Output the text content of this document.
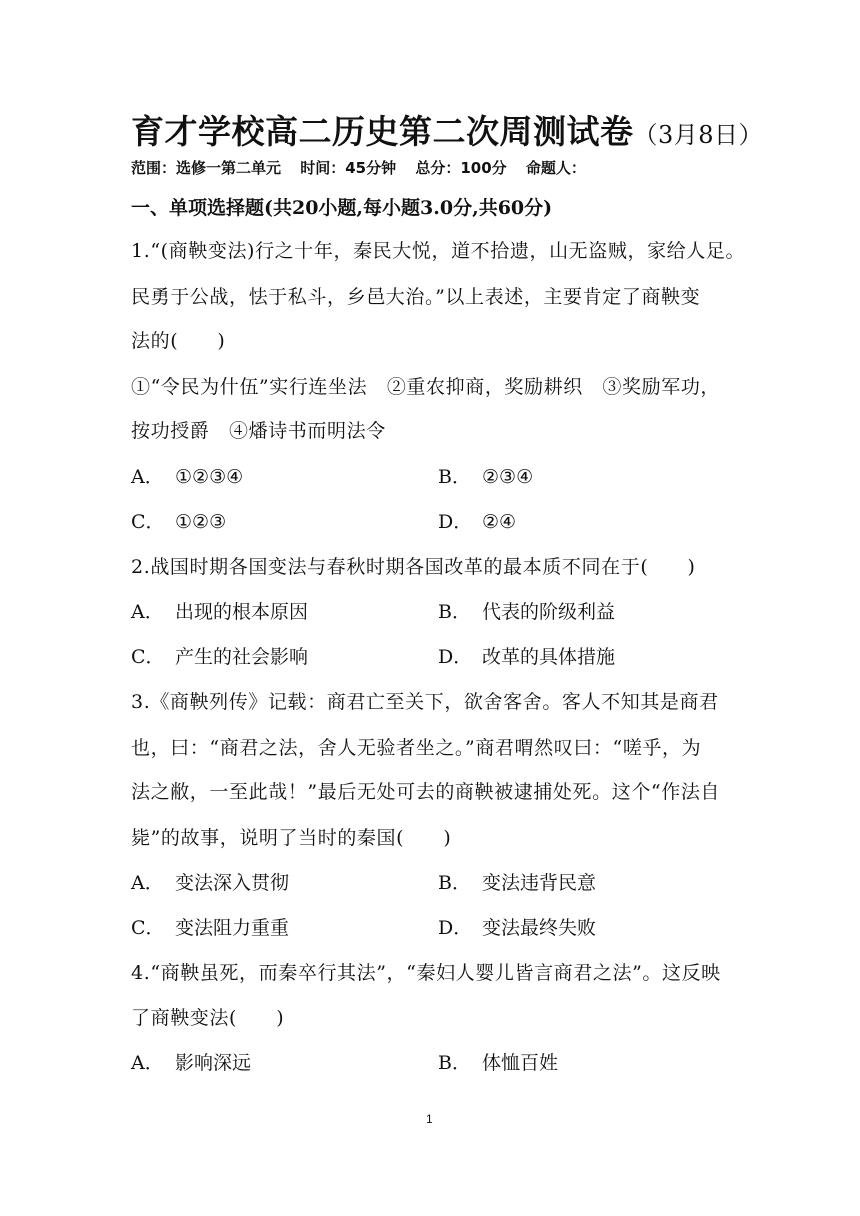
育才学校高二历史第二次周测试卷（3月8日）
范围：选修一第二单元 时间：45分钟 总分：100分 命题人：
一、单项选择题(共20小题,每小题3.0分,共60分)
1.“(商鞅变法)行之十年，秦民大悦，道不拾遗，山无盗贼，家给人足。
民勇于公战，怯于私斗，乡邑大治。”以上表述，主要肯定了商鞅变
法的(　　)
①“令民为什伍”实行连坐法　②重农抑商，奖励耕织　③奖励军功，
按功授爵　④燔诗书而明法令
A． ①②③④	B． ②③④
C． ①②③	D． ②④
2.战国时期各国变法与春秋时期各国改革的最本质不同在于(　　)
A． 出现的根本原因	B． 代表的阶级利益
C． 产生的社会影响	D． 改革的具体措施
3.《商鞅列传》记载：商君亡至关下，欲舍客舍。客人不知其是商君
也，曰：“商君之法，舍人无验者坐之。”商君喟然叹曰：“嗟乎，为
法之敝，一至此哉！”最后无处可去的商鞅被逮捕处死。这个“作法自
毙”的故事，说明了当时的秦国(　　)
A． 变法深入贯彻	B． 变法违背民意
C． 变法阻力重重	D． 变法最终失败
4.“商鞅虽死，而秦卒行其法”，“秦妇人婴儿皆言商君之法”。这反映
了商鞅变法(　　)
A． 影响深远	B． 体恤百姓
1
